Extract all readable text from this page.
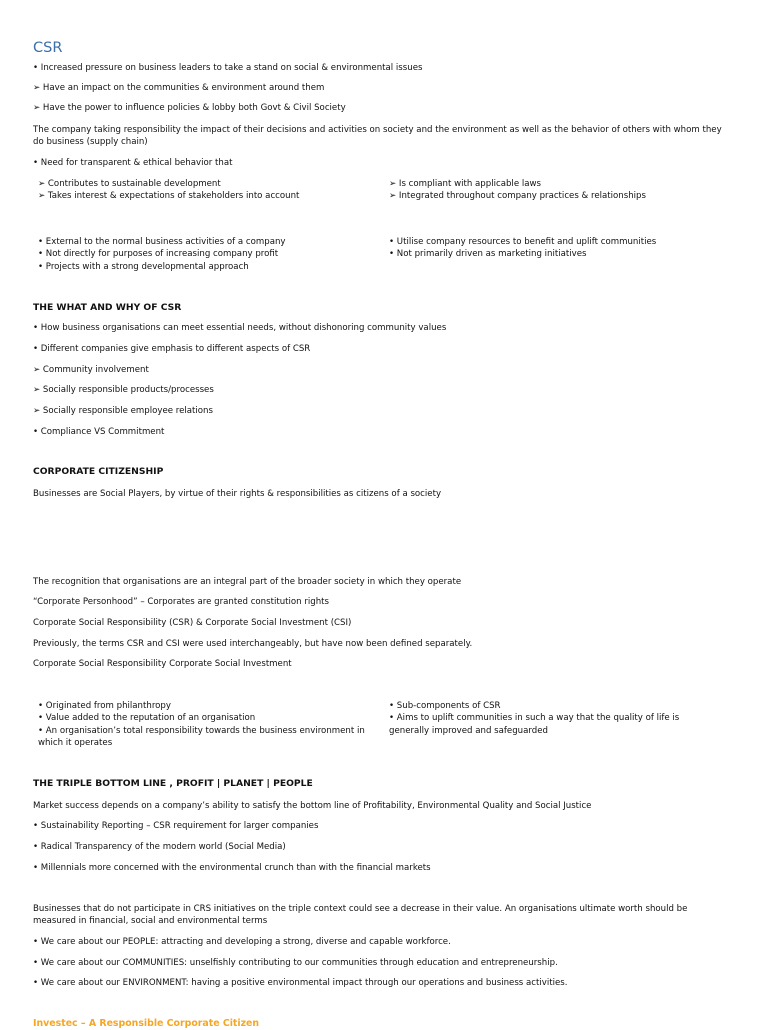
CSR
• Increased pressure on business leaders to take a stand on social & environmental issues
➢ Have an impact on the communities & environment around them
➢ Have the power to influence policies & lobby both Govt & Civil Society
The company taking responsibility the impact of their decisions and activities on society and the environment as well as the behavior of others with whom they do business (supply chain)
• Need for transparent & ethical behavior that
➢ Contributes to sustainable development
➢ Takes interest & expectations of stakeholders into account
➢ Is compliant with applicable laws
➢ Integrated throughout company practices & relationships
• External to the normal business activities of a company
• Not directly for purposes of increasing company profit
• Projects with a strong developmental approach
• Utilise company resources to benefit and uplift communities
• Not primarily driven as marketing initiatives
THE WHAT AND WHY OF CSR
• How business organisations can meet essential needs, without dishonoring community values
• Different companies give emphasis to different aspects of CSR
➢ Community involvement
➢ Socially responsible products/processes
➢ Socially responsible employee relations
• Compliance VS Commitment
CORPORATE CITIZENSHIP
Businesses are Social Players, by virtue of their rights & responsibilities as citizens of a society
The recognition that organisations are an integral part of the broader society in which they operate
“Corporate Personhood” – Corporates are granted constitution rights
Corporate Social Responsibility (CSR) & Corporate Social Investment (CSI)
Previously, the terms CSR and CSI were used interchangeably, but have now been defined separately.
Corporate Social Responsibility Corporate Social Investment
• Originated from philanthropy
• Value added to the reputation of an organisation
• An organisation’s total responsibility towards the business environment in which it operates
• Sub-components of CSR
• Aims to uplift communities in such a way that the quality of life is generally improved and safeguarded
THE TRIPLE BOTTOM LINE , PROFIT | PLANET | PEOPLE
Market success depends on a company’s ability to satisfy the bottom line of Profitability, Environmental Quality and Social Justice
• Sustainability Reporting – CSR requirement for larger companies
• Radical Transparency of the modern world (Social Media)
• Millennials more concerned with the environmental crunch than with the financial markets
Businesses that do not participate in CRS initiatives on the triple context could see a decrease in their value. An organisations ultimate worth should be measured in financial, social and environmental terms
• We care about our PEOPLE: attracting and developing a strong, diverse and capable workforce.
• We care about our COMMUNITIES: unselfishly contributing to our communities through education and entrepreneurship.
• We care about our ENVIRONMENT: having a positive environmental impact through our operations and business activities.
Investec – A Responsible Corporate Citizen
